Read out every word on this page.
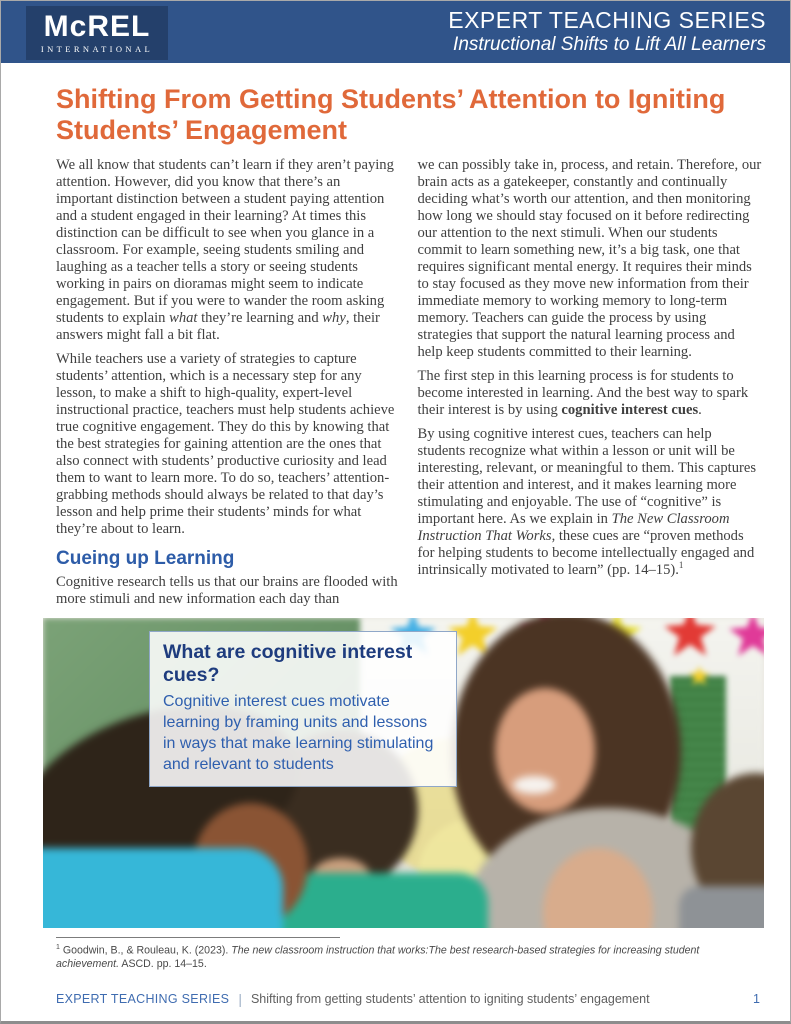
McREL
INTERNATIONAL
EXPERT TEACHING SERIES
Instructional Shifts to Lift All Learners
Shifting From Getting Students’ Attention to Igniting Students’ Engagement

We all know that students can’t learn if they aren’t paying attention. However, did you know that there’s an important distinction between a student paying attention and a student engaged in their learning? At times this distinction can be difficult to see when you glance in a classroom. For example, seeing students smiling and laughing as a teacher tells a story or seeing students working in pairs on dioramas might seem to indicate engagement. But if you were to wander the room asking students to explain what they’re learning and why, their answers might fall a bit flat.

While teachers use a variety of strategies to capture students’ attention, which is a necessary step for any lesson, to make a shift to high-quality, expert-level instructional practice, teachers must help students achieve true cognitive engagement. They do this by knowing that the best strategies for gaining attention are the ones that also connect with students’ productive curiosity and lead them to want to learn more. To do so, teachers’ attention-grabbing methods should always be related to that day’s lesson and help prime their students’ minds for what they’re about to learn.

Cueing up Learning

Cognitive research tells us that our brains are flooded with more stimuli and new information each day than

we can possibly take in, process, and retain. Therefore, our brain acts as a gatekeeper, constantly and continually deciding what’s worth our attention, and then monitoring how long we should stay focused on it before redirecting our attention to the next stimuli. When our students commit to learn something new, it’s a big task, one that requires significant mental energy. It requires their minds to stay focused as they move new information from their immediate memory to working memory to long-term memory. Teachers can guide the process by using strategies that support the natural learning process and help keep students committed to their learning.

The first step in this learning process is for students to become interested in learning. And the best way to spark their interest is by using cognitive interest cues.

By using cognitive interest cues, teachers can help students recognize what within a lesson or unit will be interesting, relevant, or meaningful to them. This captures their attention and interest, and it makes learning more stimulating and enjoyable. The use of “cognitive” is important here. As we explain in The New Classroom Instruction That Works, these cues are “proven methods for helping students to become intellectually engaged and intrinsically motivated to learn” (pp. 14–15).$^1$

What are cognitive interest cues?
Cognitive interest cues motivate learning by framing units and lessons in ways that make learning stimulating and relevant to students
$^1$ Goodwin, B., & Rouleau, K. (2023). The new classroom instruction that works:The best research-based strategies for increasing student achievement. ASCD. pp. 14–15.
EXPERT TEACHING SERIES | Shifting from getting students’ attention to igniting students’ engagement	1
